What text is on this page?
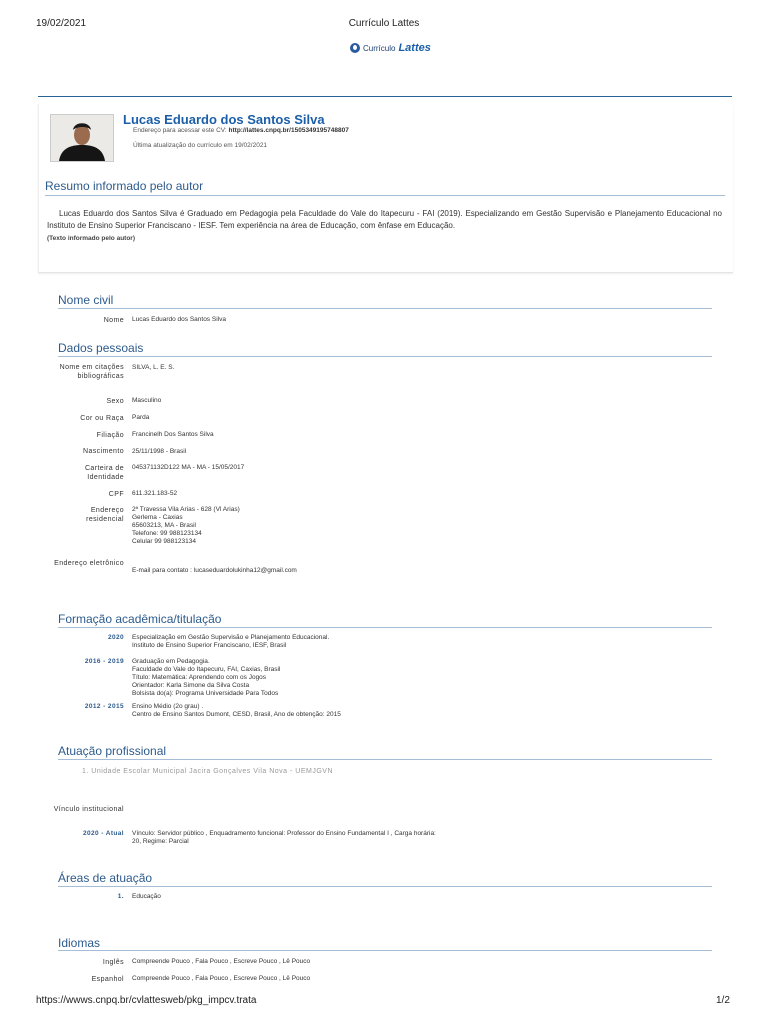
19/02/2021	Currículo Lattes
Currículo Lattes
Lucas Eduardo dos Santos Silva
Endereço para acessar este CV: http://lattes.cnpq.br/1505349195748807
Última atualização do currículo em 19/02/2021
Resumo informado pelo autor
Lucas Eduardo dos Santos Silva é Graduado em Pedagogia pela Faculdade do Vale do Itapecuru - FAI (2019). Especializando em Gestão Supervisão e Planejamento Educacional no Instituto de Ensino Superior Franciscano - IESF. Tem experiência na área de Educação, com ênfase em Educação.
(Texto informado pelo autor)
Nome civil
Nome Lucas Eduardo dos Santos Silva
Dados pessoais
Nome em citações bibliográficas
SILVA, L. E. S.
Sexo Masculino
Cor ou Raça Parda
Filiação Francinelh Dos Santos Silva
Nascimento 25/11/1998 - Brasil
Carteira de Identidade
045371132D122 MA - MA - 15/05/2017
CPF 611.321.183-52
Endereço residencial
2ª Travessa Vila Arias - 628 (Vl Arias)
Gerlema - Caxias
65603213, MA - Brasil
Telefone: 99 988123134
Celular 99 988123134
Endereço eletrônico
E-mail para contato : lucaseduardolukinha12@gmail.com
Formação acadêmica/titulação
2020 Especialização em Gestão Supervisão e Planejamento Educacional.
Instituto de Ensino Superior Franciscano, IESF, Brasil
2016 - 2019 Graduação em Pedagogia.
Faculdade do Vale do Itapecuru, FAI, Caxias, Brasil
Título: Matemática: Aprendendo com os Jogos
Orientador: Karla Simone da Silva Costa
Bolsista do(a): Programa Universidade Para Todos
2012 - 2015 Ensino Médio (2o grau) .
Centro de Ensino Santos Dumont, CESD, Brasil, Ano de obtenção: 2015
Atuação profissional
1. Unidade Escolar Municipal Jacira Gonçalves Vila Nova - UEMJGVN
Vínculo institucional
2020 - Atual Vínculo: Servidor público , Enquadramento funcional: Professor do Ensino Fundamental I , Carga horária:
20, Regime: Parcial
Áreas de atuação
1. Educação
Idiomas
Inglês Compreende Pouco , Fala Pouco , Escreve Pouco , Lê Pouco
Espanhol Compreende Pouco , Fala Pouco , Escreve Pouco , Lê Pouco
https://wwws.cnpq.br/cvlattesweb/pkg_impcv.trata	1/2
